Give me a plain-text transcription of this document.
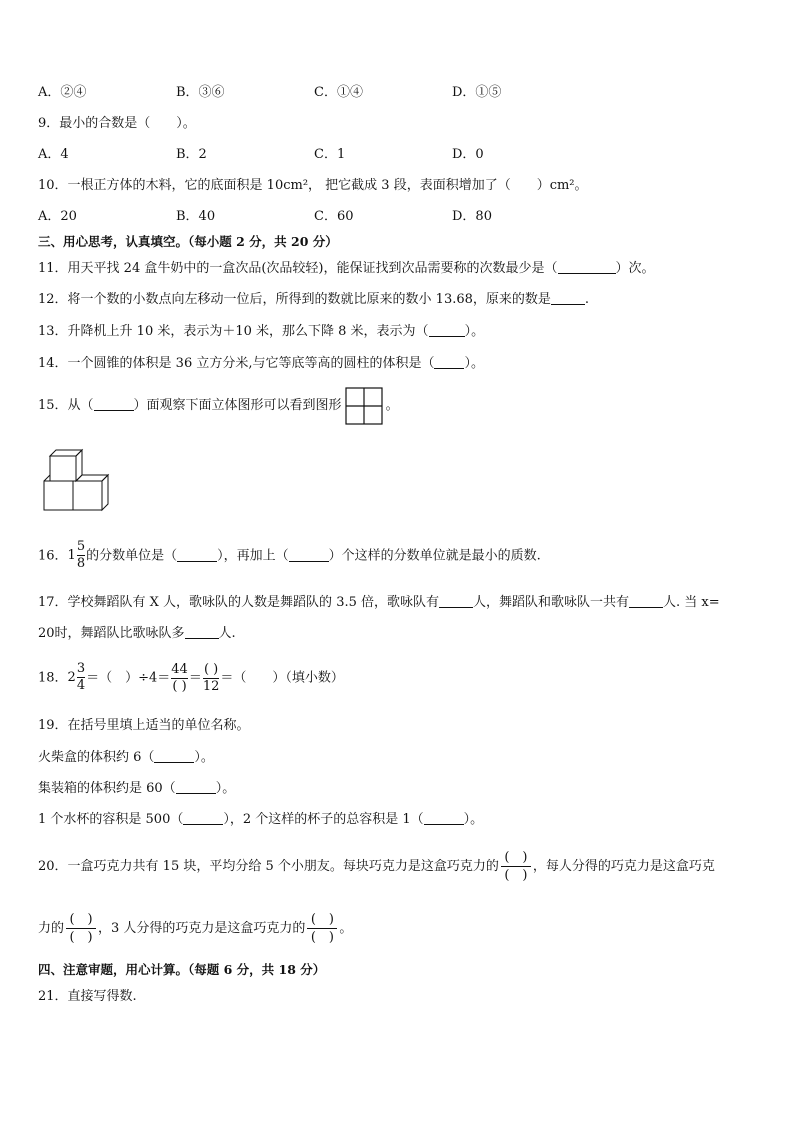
A．②④	B．③⑥	C．①④	D．①⑤
9．最小的合数是（　　）。
A．4	B．2	C．1	D．0
10．一根正方体的木料，它的底面积是 10cm²， 把它截成 3 段，表面积增加了（　　）cm²。
A．20	B．40	C．60	D．80
三、用心思考，认真填空。（每小题 2 分，共 20 分）
11．用天平找 24 盒牛奶中的一盒次品(次品较轻)，能保证找到次品需要称的次数最少是（	）次。
12．将一个数的小数点向左移动一位后，所得到的数就比原来的数小 13.68，原来的数是	.
13．升降机上升 10 米，表示为＋10 米，那么下降 8 米，表示为（	）。
14．一个圆锥的体积是 36 立方分米,与它等底等高的圆柱的体积是（ ）。
15．从（	）面观察下面立体图形可以看到图形	。
16．$1 \frac{5}{8}$ 的分数单位是（	），再加上（	）个这样的分数单位就是最小的质数.
17．学校舞蹈队有 X 人，歌咏队的人数是舞蹈队的 3.5 倍，歌咏队有	人，舞蹈队和歌咏队一共有	人. 当 x=
20时，舞蹈队比歌咏队多	人.
18．$2 \frac{3}{4}$ ＝（　）$\div 4= \frac{44}{( )} = \frac{( )}{12}$ ＝（　　）（填小数）
19．在括号里填上适当的单位名称。
火柴盒的体积约 6（	）。
集装箱的体积约是 60（	）。
1 个水杯的容积是 500（	），2 个这样的杯子的总容积是 1（	）。
20．一盒巧克力共有 15 块，平均分给 5 个小朋友。每块巧克力是这盒巧克力的
(　)
(　)
，每人分得的巧克力是这盒巧克
力的
(　)
(　)
，3 人分得的巧克力是这盒巧克力的
(　)
(　)
。
四、注意审题，用心计算。（每题 6 分，共 18 分）
21．直接写得数.
